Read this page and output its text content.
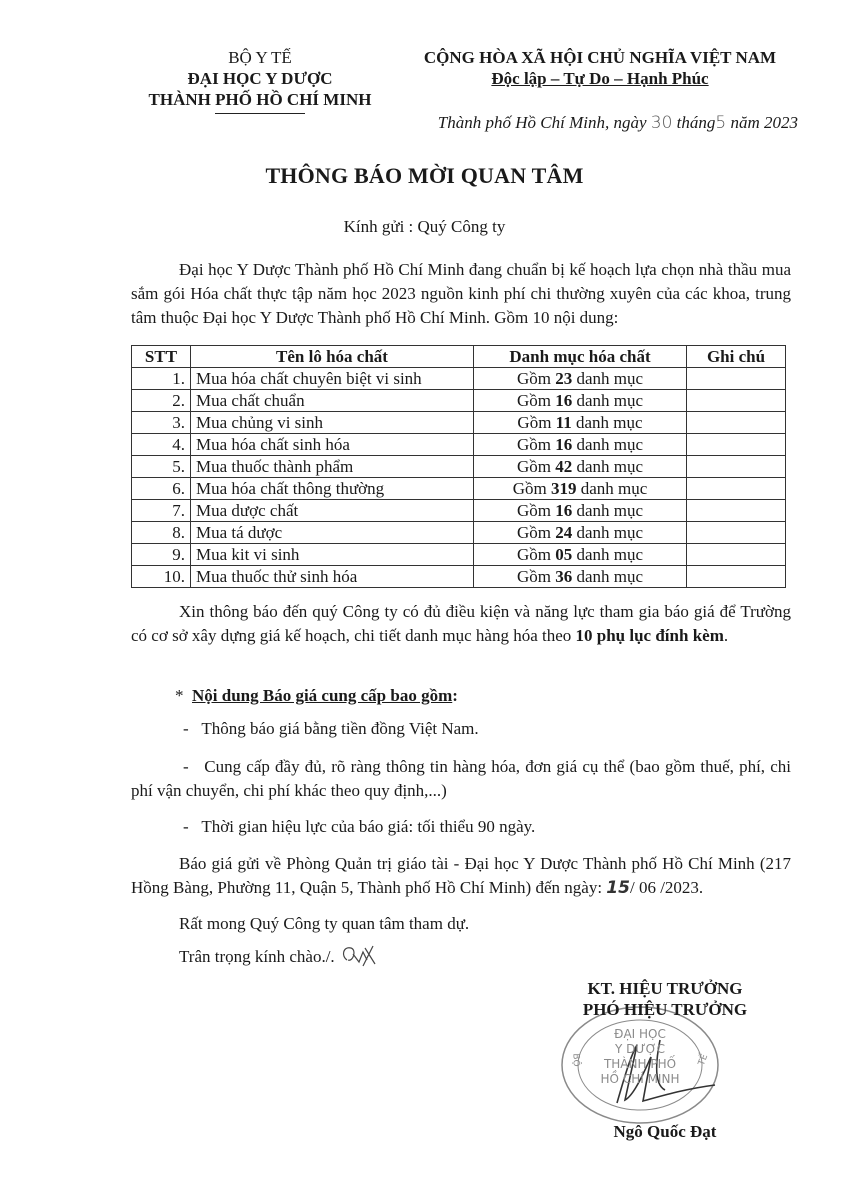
BỘ Y TẾ
ĐẠI HỌC Y DƯỢC
THÀNH PHỐ HỒ CHÍ MINH
CỘNG HÒA XÃ HỘI CHỦ NGHĨA VIỆT NAM
Độc lập – Tự Do – Hạnh Phúc
Thành phố Hồ Chí Minh, ngày 30 tháng5 năm 2023
THÔNG BÁO MỜI QUAN TÂM
Kính gửi : Quý Công ty
Đại học Y Dược Thành phố Hồ Chí Minh đang chuẩn bị kế hoạch lựa chọn nhà thầu mua sắm gói Hóa chất thực tập năm học 2023 nguồn kinh phí chi thường xuyên của các khoa, trung tâm thuộc Đại học Y Dược Thành phố Hồ Chí Minh. Gồm 10 nội dung:
STT	Tên lô hóa chất	Danh mục hóa chất	Ghi chú
1.	Mua hóa chất chuyên biệt vi sinh	Gồm 23 danh mục	
2.	Mua chất chuẩn	Gồm 16 danh mục	
3.	Mua chủng vi sinh	Gồm 11 danh mục	
4.	Mua hóa chất sinh hóa	Gồm 16 danh mục	
5.	Mua thuốc thành phẩm	Gồm 42 danh mục	
6.	Mua hóa chất thông thường	Gồm 319 danh mục	
7.	Mua dược chất	Gồm 16 danh mục	
8.	Mua tá dược	Gồm 24 danh mục	
9.	Mua kit vi sinh	Gồm 05 danh mục	
10.	Mua thuốc thử sinh hóa	Gồm 36 danh mục	
Xin thông báo đến quý Công ty có đủ điều kiện và năng lực tham gia báo giá để Trường có cơ sở xây dựng giá kế hoạch, chi tiết danh mục hàng hóa theo 10 phụ lục đính kèm.
* Nội dung Báo giá cung cấp bao gồm:
- Thông báo giá bằng tiền đồng Việt Nam.
- Cung cấp đầy đủ, rõ ràng thông tin hàng hóa, đơn giá cụ thể (bao gồm thuế, phí, chi phí vận chuyển, chi phí khác theo quy định,...)
- Thời gian hiệu lực của báo giá: tối thiểu 90 ngày.
Báo giá gửi về Phòng Quản trị giáo tài - Đại học Y Dược Thành phố Hồ Chí Minh (217 Hồng Bàng, Phường 11, Quận 5, Thành phố Hồ Chí Minh) đến ngày: 15/ 06 /2023.
Rất mong Quý Công ty quan tâm tham dự.
Trân trọng kính chào./.
ĐẠI HỌC
Y DƯỢC
THÀNH PHỐ
HỒ CHÍ MINH
BỘ	TẾ
KT. HIỆU TRƯỞNG
PHÓ HIỆU TRƯỞNG
Ngô Quốc Đạt
